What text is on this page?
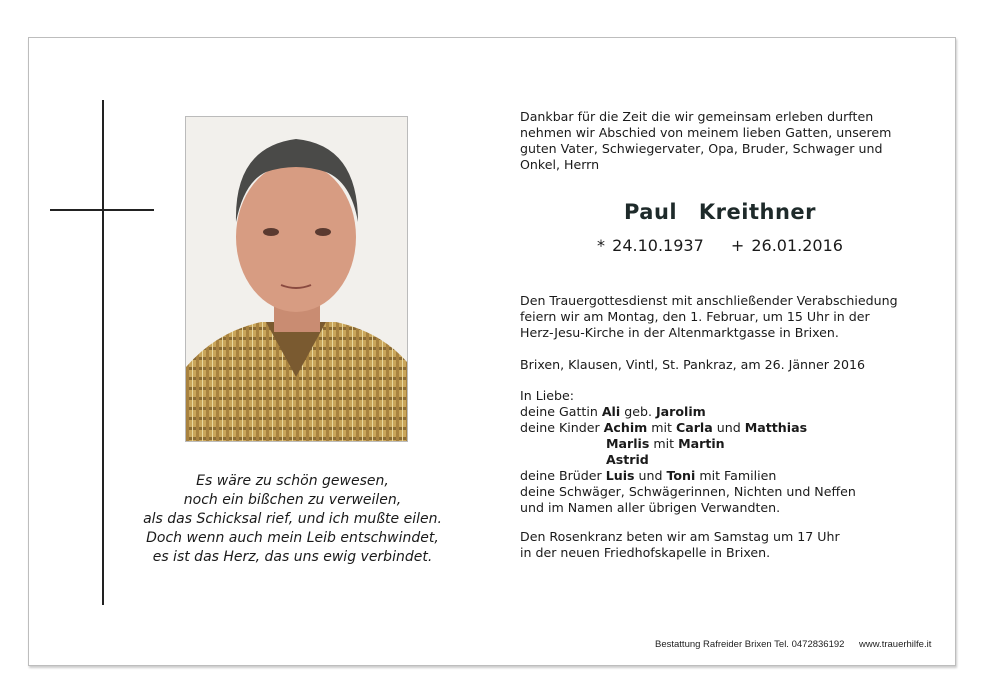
Es wäre zu schön gewesen,
noch ein bißchen zu verweilen,
als das Schicksal rief, und ich mußte eilen.
Doch wenn auch mein Leib entschwindet,
es ist das Herz, das uns ewig verbindet.
Dankbar für die Zeit die wir gemeinsam erleben durften
nehmen wir Abschied von meinem lieben Gatten, unserem
guten Vater, Schwiegervater, Opa, Bruder, Schwager und
Onkel, Herrn
Paul Kreithner
* 24.10.1937 + 26.01.2016
Den Trauergottesdienst mit anschließender Verabschiedung
feiern wir am Montag, den 1. Februar, um 15 Uhr in der
Herz-Jesu-Kirche in der Altenmarktgasse in Brixen.
Brixen, Klausen, Vintl, St. Pankraz, am 26. Jänner 2016
In Liebe:
deine Gattin Ali geb. Jarolim
deine Kinder Achim mit Carla und Matthias
Marlis mit Martin
Astrid
deine Brüder Luis und Toni mit Familien
deine Schwäger, Schwägerinnen, Nichten und Neffen
und im Namen aller übrigen Verwandten.
Den Rosenkranz beten wir am Samstag um 17 Uhr
in der neuen Friedhofskapelle in Brixen.
Bestattung Rafreider Brixen Tel. 0472836192 www.trauerhilfe.it
